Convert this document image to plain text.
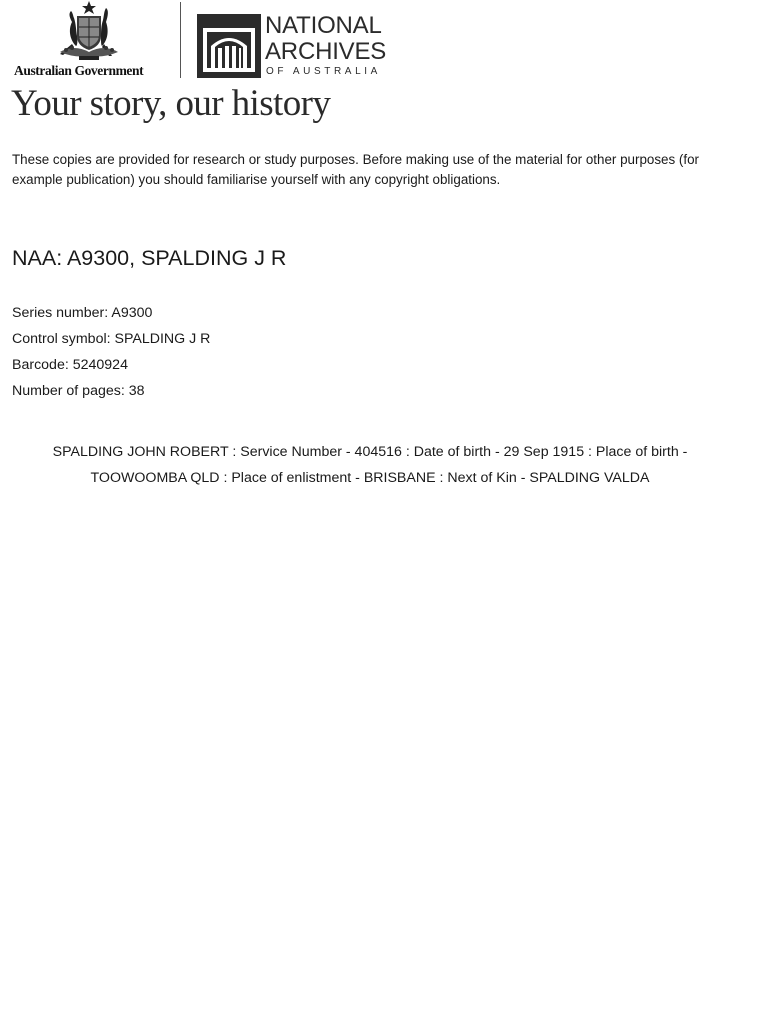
Australian Government
NATIONAL
ARCHIVES
OF AUSTRALIA
Your story, our history

These copies are provided for research or study purposes. Before making use of the material for other purposes (for example publication) you should familiarise yourself with any copyright obligations.

NAA: A9300, SPALDING J R
Series number: A9300
Control symbol: SPALDING J R
Barcode: 5240924
Number of pages: 38

SPALDING JOHN ROBERT : Service Number - 404516 : Date of birth - 29 Sep 1915 : Place of birth - TOOWOOMBA QLD : Place of enlistment - BRISBANE : Next of Kin - SPALDING VALDA
